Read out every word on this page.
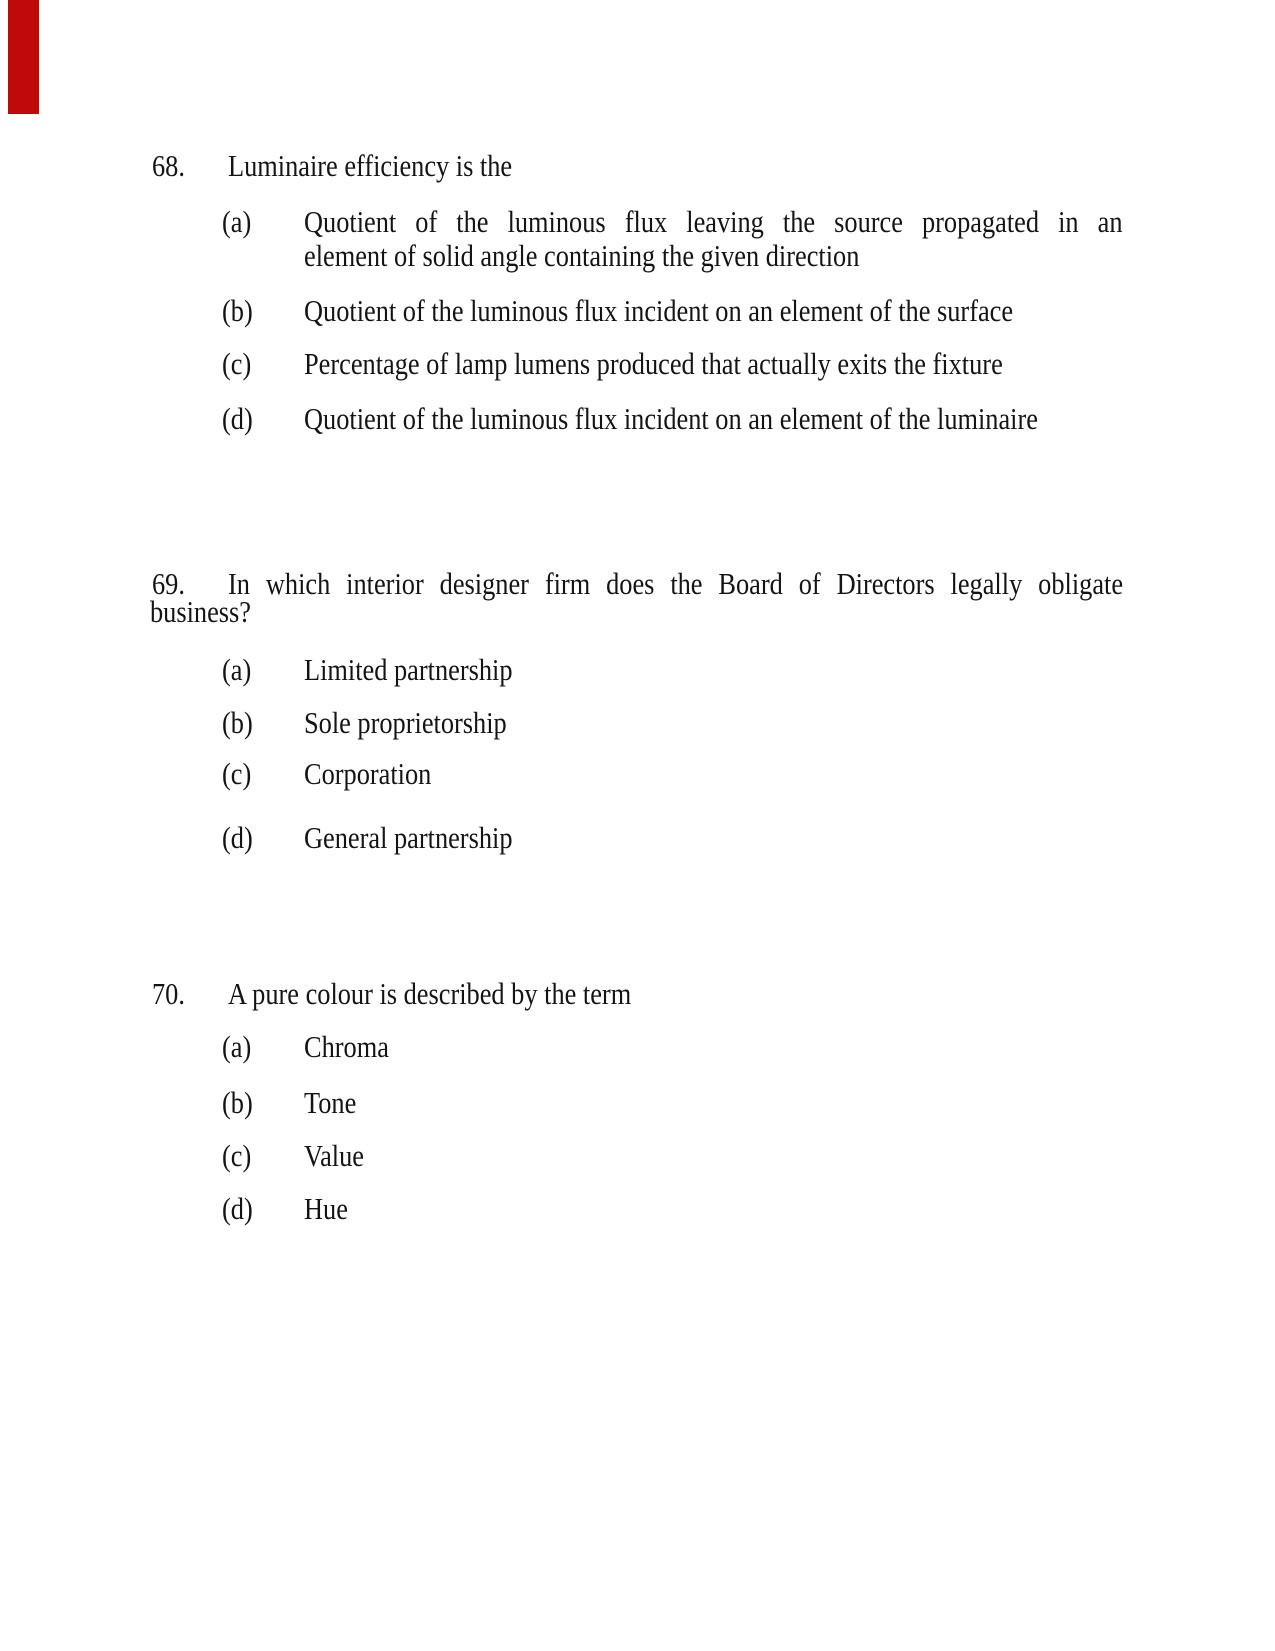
68. Luminaire efficiency is the
(a) Quotient of the luminous flux leaving the source propagated in an
element of solid angle containing the given direction
(b) Quotient of the luminous flux incident on an element of the surface
(c) Percentage of lamp lumens produced that actually exits the fixture
(d) Quotient of the luminous flux incident on an element of the luminaire
69. In which interior designer firm does the Board of Directors legally obligate
business?
(a) Limited partnership
(b) Sole proprietorship
(c) Corporation
(d) General partnership
70. A pure colour is described by the term
(a) Chroma
(b) Tone
(c) Value
(d) Hue
